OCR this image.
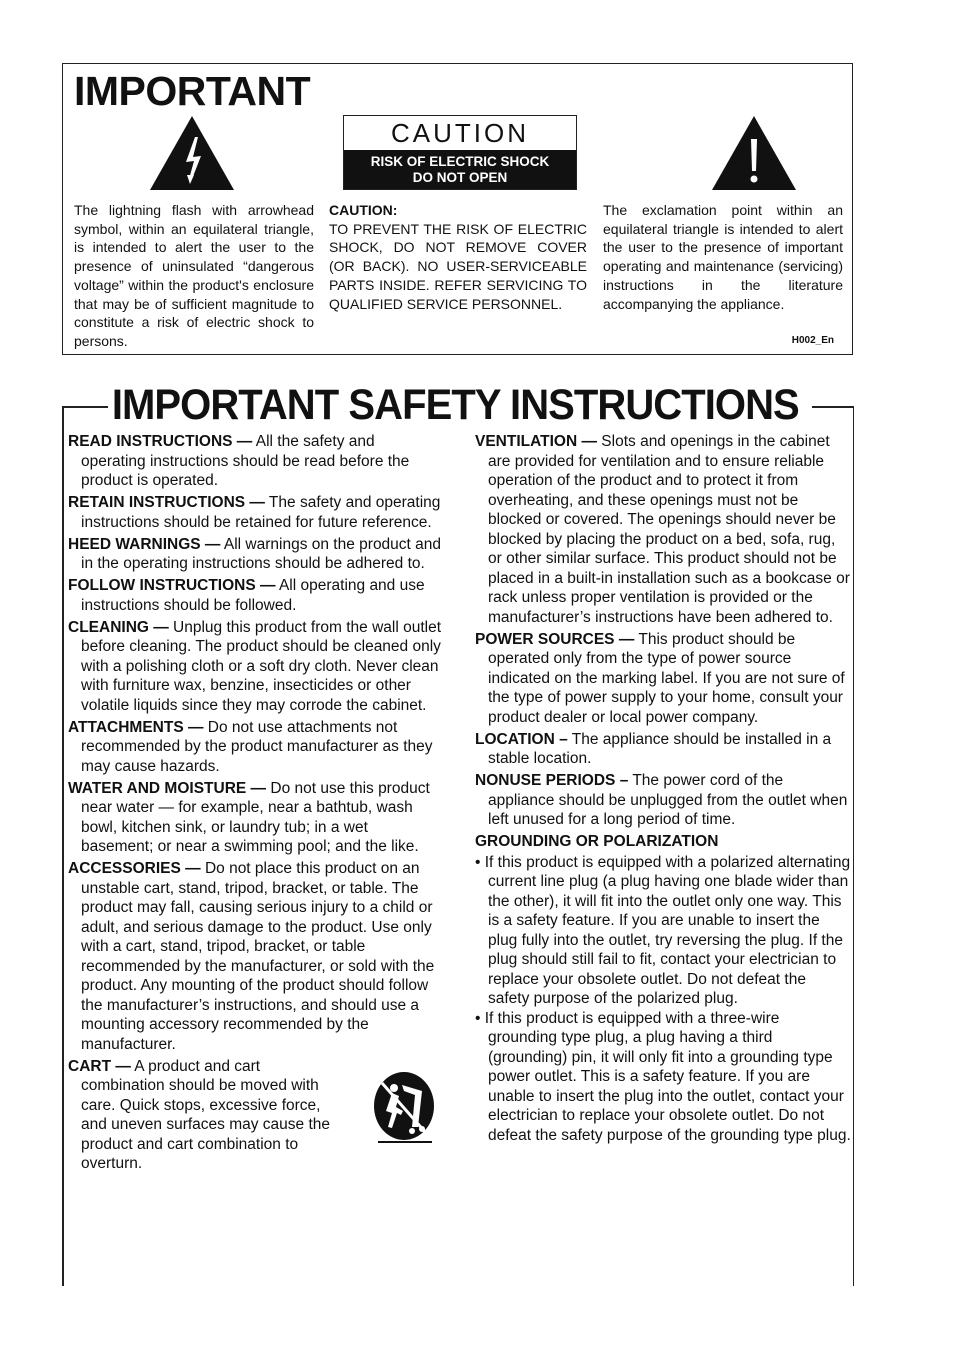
IMPORTANT
CAUTION
RISK OF ELECTRIC SHOCK
DO NOT OPEN
The lightning flash with arrowhead symbol, within an equilateral triangle, is intended to alert the user to the presence of uninsulated “dangerous voltage” within the product's enclosure that may be of sufficient magnitude to constitute a risk of electric shock to persons.
CAUTION:
TO PREVENT THE RISK OF ELECTRIC SHOCK, DO NOT REMOVE COVER (OR BACK). NO USER-SERVICEABLE PARTS INSIDE. REFER SERVICING TO QUALIFIED SERVICE PERSONNEL.
The exclamation point within an equilateral triangle is intended to alert the user to the presence of important operating and maintenance (servicing) instructions in the literature accompanying the appliance.
H002_En
IMPORTANT SAFETY INSTRUCTIONS

READ INSTRUCTIONS — All the safety and operating instructions should be read before the product is operated.

RETAIN INSTRUCTIONS — The safety and operating instructions should be retained for future reference.

HEED WARNINGS — All warnings on the product and in the operating instructions should be adhered to.

FOLLOW INSTRUCTIONS — All operating and use instructions should be followed.

CLEANING — Unplug this product from the wall outlet before cleaning. The product should be cleaned only with a polishing cloth or a soft dry cloth. Never clean with furniture wax, benzine, insecticides or other volatile liquids since they may corrode the cabinet.

ATTACHMENTS — Do not use attachments not recommended by the product manufacturer as they may cause hazards.

WATER AND MOISTURE — Do not use this product near water — for example, near a bathtub, wash bowl, kitchen sink, or laundry tub; in a wet basement; or near a swimming pool; and the like.

ACCESSORIES — Do not place this product on an unstable cart, stand, tripod, bracket, or table. The product may fall, causing serious injury to a child or adult, and serious damage to the product. Use only with a cart, stand, tripod, bracket, or table recommended by the manufacturer, or sold with the product. Any mounting of the product should follow the manufacturer’s instructions, and should use a mounting accessory recommended by the manufacturer.

CART — A product and cart combination should be moved with care. Quick stops, excessive force, and uneven surfaces may cause the product and cart combination to overturn.

VENTILATION — Slots and openings in the cabinet are provided for ventilation and to ensure reliable operation of the product and to protect it from overheating, and these openings must not be blocked or covered. The openings should never be blocked by placing the product on a bed, sofa, rug, or other similar surface. This product should not be placed in a built-in installation such as a bookcase or rack unless proper ventilation is provided or the manufacturer’s instructions have been adhered to.

POWER SOURCES — This product should be operated only from the type of power source indicated on the marking label. If you are not sure of the type of power supply to your home, consult your product dealer or local power company.

LOCATION – The appliance should be installed in a stable location.

NONUSE PERIODS – The power cord of the appliance should be unplugged from the outlet when left unused for a long period of time.

GROUNDING OR POLARIZATION

• If this product is equipped with a polarized alternating current line plug (a plug having one blade wider than the other), it will fit into the outlet only one way. This is a safety feature. If you are unable to insert the plug fully into the outlet, try reversing the plug. If the plug should still fail to fit, contact your electrician to replace your obsolete outlet. Do not defeat the safety purpose of the polarized plug.

• If this product is equipped with a three-wire grounding type plug, a plug having a third (grounding) pin, it will only fit into a grounding type power outlet. This is a safety feature. If you are unable to insert the plug into the outlet, contact your electrician to replace your obsolete outlet. Do not defeat the safety purpose of the grounding type plug.
